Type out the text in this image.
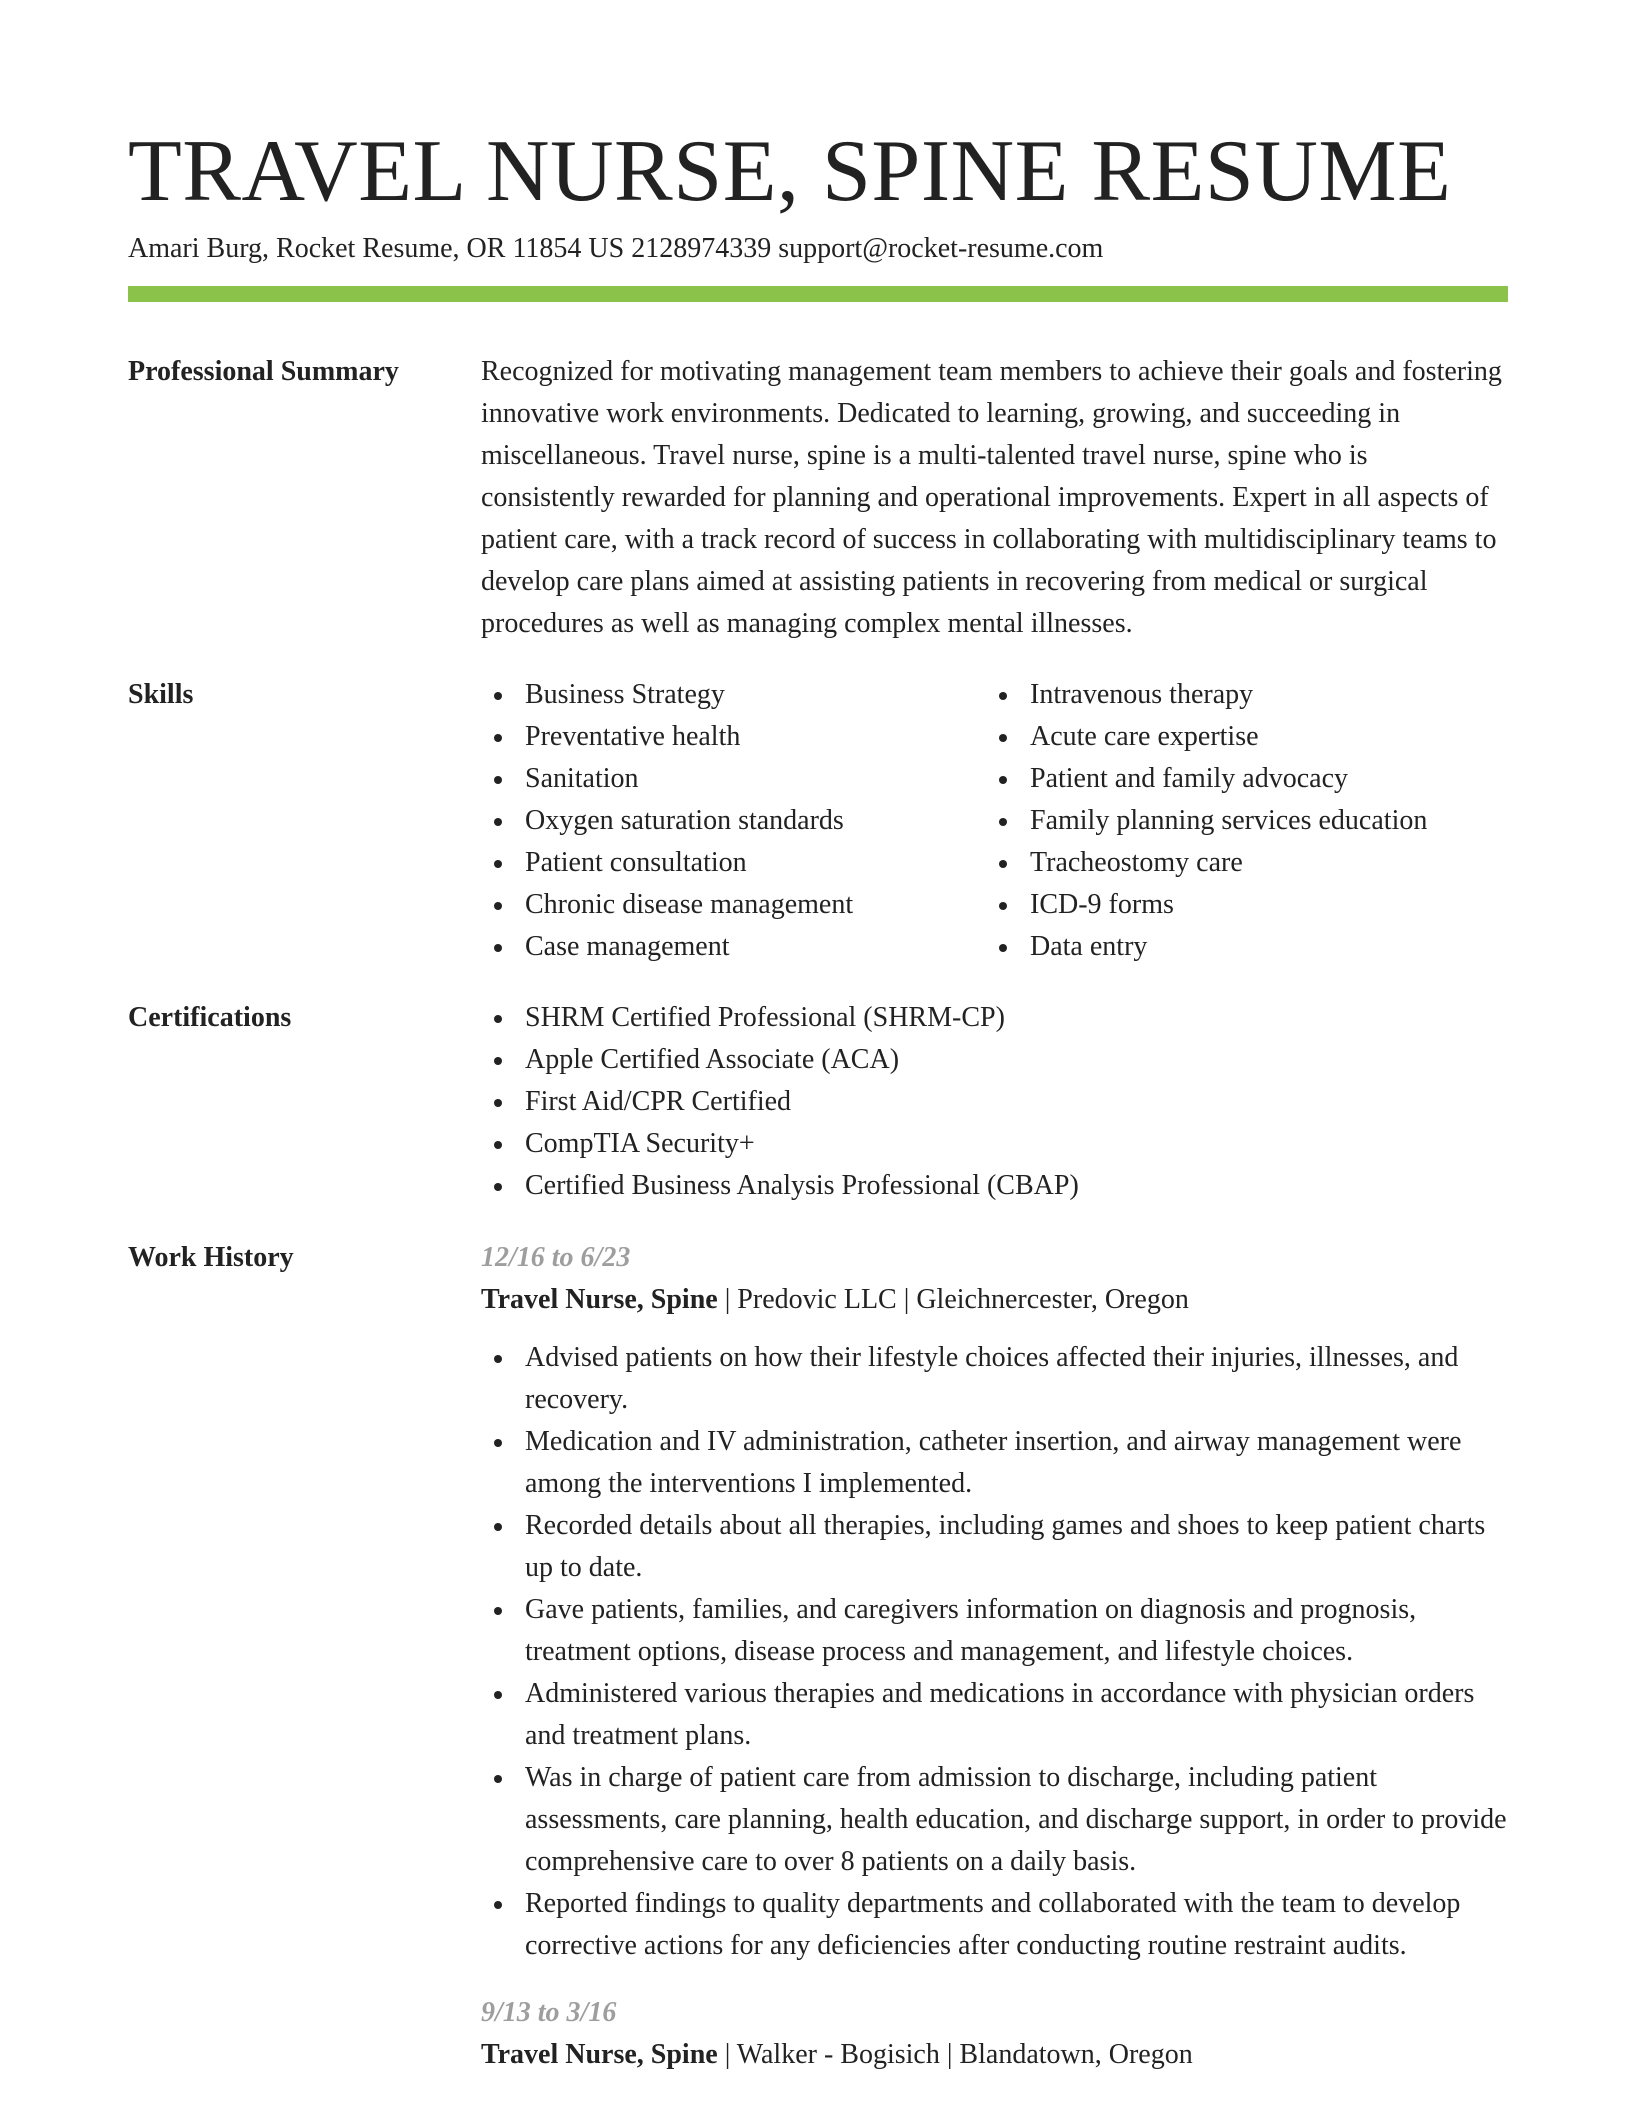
TRAVEL NURSE, SPINE RESUME
Amari Burg, Rocket Resume, OR 11854 US 2128974339 support@rocket-resume.com
Professional Summary	Recognized for motivating management team members to achieve their goals and fostering innovative work environments. Dedicated to learning, growing, and succeeding in miscellaneous. Travel nurse, spine is a multi-talented travel nurse, spine who is consistently rewarded for planning and operational improvements. Expert in all aspects of patient care, with a track record of success in collaborating with multidisciplinary teams to develop care plans aimed at assisting patients in recovering from medical or surgical procedures as well as managing complex mental illnesses.

Skills	Business Strategy
Preventative health
Sanitation
Oxygen saturation standards
Patient consultation
Chronic disease management
Case management
Intravenous therapy
Acute care expertise
Patient and family advocacy
Family planning services education
Tracheostomy care
ICD-9 forms
Data entry
Certifications	SHRM Certified Professional (SHRM-CP)
Apple Certified Associate (ACA)
First Aid/CPR Certified
CompTIA Security+
Certified Business Analysis Professional (CBAP)
Work History	12/16 to 6/23
Travel Nurse, Spine | Predovic LLC | Gleichnercester, Oregon
Advised patients on how their lifestyle choices affected their injuries, illnesses, and recovery.
Medication and IV administration, catheter insertion, and airway management were among the interventions I implemented.
Recorded details about all therapies, including games and shoes to keep patient charts up to date.
Gave patients, families, and caregivers information on diagnosis and prognosis, treatment options, disease process and management, and lifestyle choices.
Administered various therapies and medications in accordance with physician orders and treatment plans.
Was in charge of patient care from admission to discharge, including patient assessments, care planning, health education, and discharge support, in order to provide comprehensive care to over 8 patients on a daily basis.
Reported findings to quality departments and collaborated with the team to develop corrective actions for any deficiencies after conducting routine restraint audits.
9/13 to 3/16
Travel Nurse, Spine | Walker - Bogisich | Blandatown, Oregon
